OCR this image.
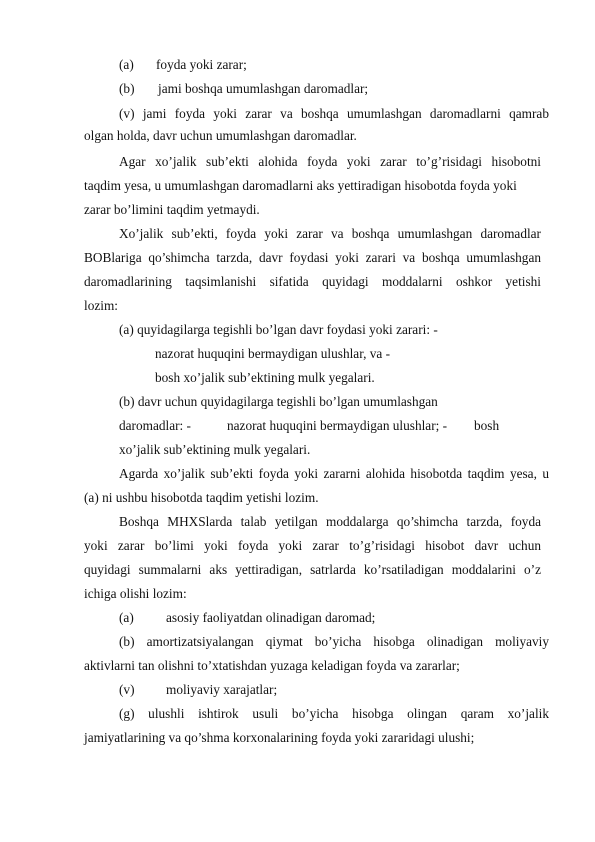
(a) foyda yoki zarar;
(b) jami boshqa umumlashgan daromadlar;
(v) jami foyda yoki zarar va boshqa umumlashgan daromadlarni qamrab
olgan holda, davr uchun umumlashgan daromadlar.
Agar xo’jalik sub’ekti alohida foyda yoki zarar to’g’risidagi hisobotni
taqdim yesa, u umumlashgan daromadlarni aks yettiradigan hisobotda foyda yoki
zarar bo’limini taqdim yetmaydi.
Xo’jalik sub’ekti, foyda yoki zarar va boshqa umumlashgan daromadlar
BOBlariga qo’shimcha tarzda, davr foydasi yoki zarari va boshqa umumlashgan
daromadlarining taqsimlanishi sifatida quyidagi moddalarni oshkor yetishi
lozim:
(a) quyidagilarga tegishli bo’lgan davr foydasi yoki zarari: -
nazorat huquqini bermaydigan ulushlar, va -
bosh xo’jalik sub’ektining mulk yegalari.
(b) davr uchun quyidagilarga tegishli bo’lgan umumlashgan
daromadlar: -	nazorat huquqini bermaydigan ulushlar; - bosh
xo’jalik sub’ektining mulk yegalari.
Agarda xo’jalik sub’ekti foyda yoki zararni alohida hisobotda taqdim yesa, u
(a) ni ushbu hisobotda taqdim yetishi lozim.
Boshqa MHXSlarda talab yetilgan moddalarga qo’shimcha tarzda, foyda
yoki zarar bo’limi yoki foyda yoki zarar to’g’risidagi hisobot davr uchun
quyidagi summalarni aks yettiradigan, satrlarda ko’rsatiladigan moddalarini o’z
ichiga olishi lozim:
(a) asosiy faoliyatdan olinadigan daromad;
(b) amortizatsiyalangan qiymat bo’yicha hisobga olinadigan moliyaviy
aktivlarni tan olishni to’xtatishdan yuzaga keladigan foyda va zararlar;
(v) moliyaviy xarajatlar;
(g) ulushli ishtirok usuli bo’yicha hisobga olingan qaram xo’jalik
jamiyatlarining va qo’shma korxonalarining foyda yoki zararidagi ulushi;
